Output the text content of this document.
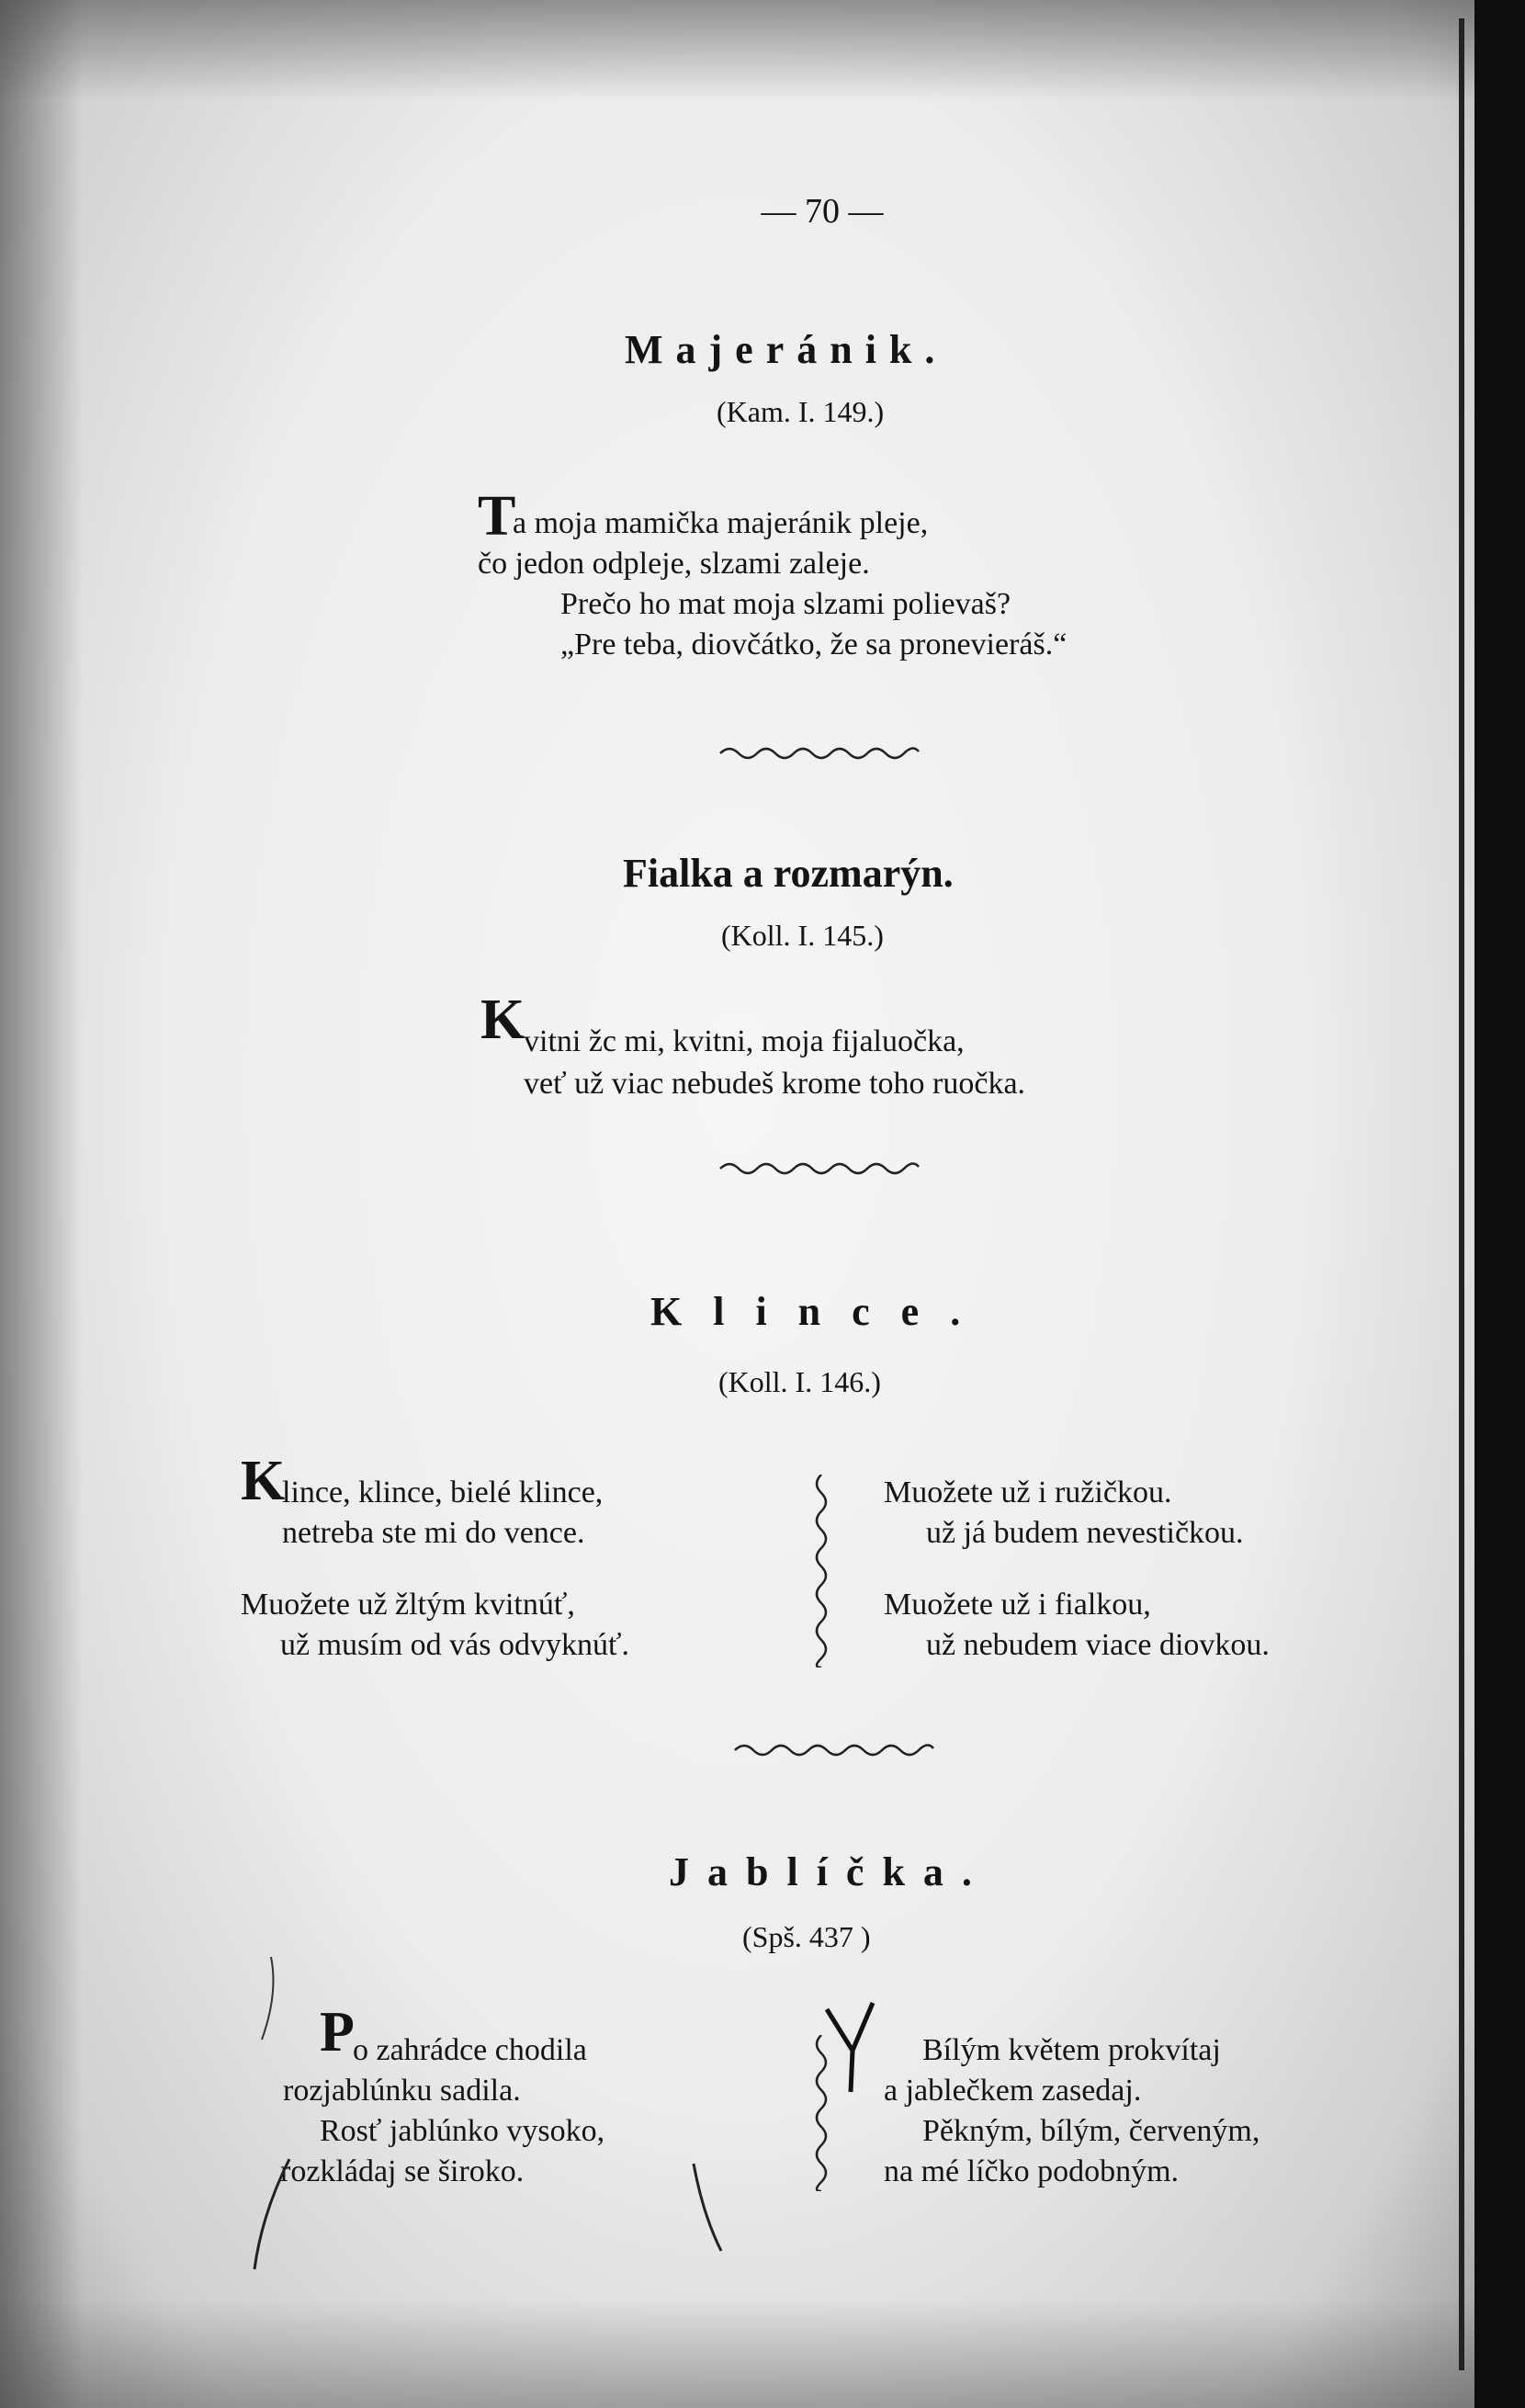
— 70 —
Majeránik.
(Kam. I. 149.)
T
a moja mamička majeránik pleje,
čo jedon odpleje, slzami zaleje.
Prečo ho mat moja slzami polievaš?
„Pre teba, diovčátko, že sa pronevieráš.“
Fialka a rozmarýn.
(Koll. I. 145.)
K
vitni žc mi, kvitni, moja fijaluočka,
veť už viac nebudeš krome toho ruočka.
Klince.
(Koll. I. 146.)
K
lince, klince, bielé klince,
netreba ste mi do vence.
Muožete už žltým kvitnúť,
už musím od vás odvyknúť.
Muožete už i ružičkou.
už já budem nevestičkou.
Muožete už i fialkou,
už nebudem viace diovkou.
Jablíčka.
(Spš. 437 )
P
o zahrádce chodila
rozjablúnku sadila.
Rosť jablúnko vysoko,
rozkládaj se široko.
Bílým květem prokvítaj
a jablečkem zasedaj.
Pěkným, bílým, červeným,
na mé líčko podobným.
